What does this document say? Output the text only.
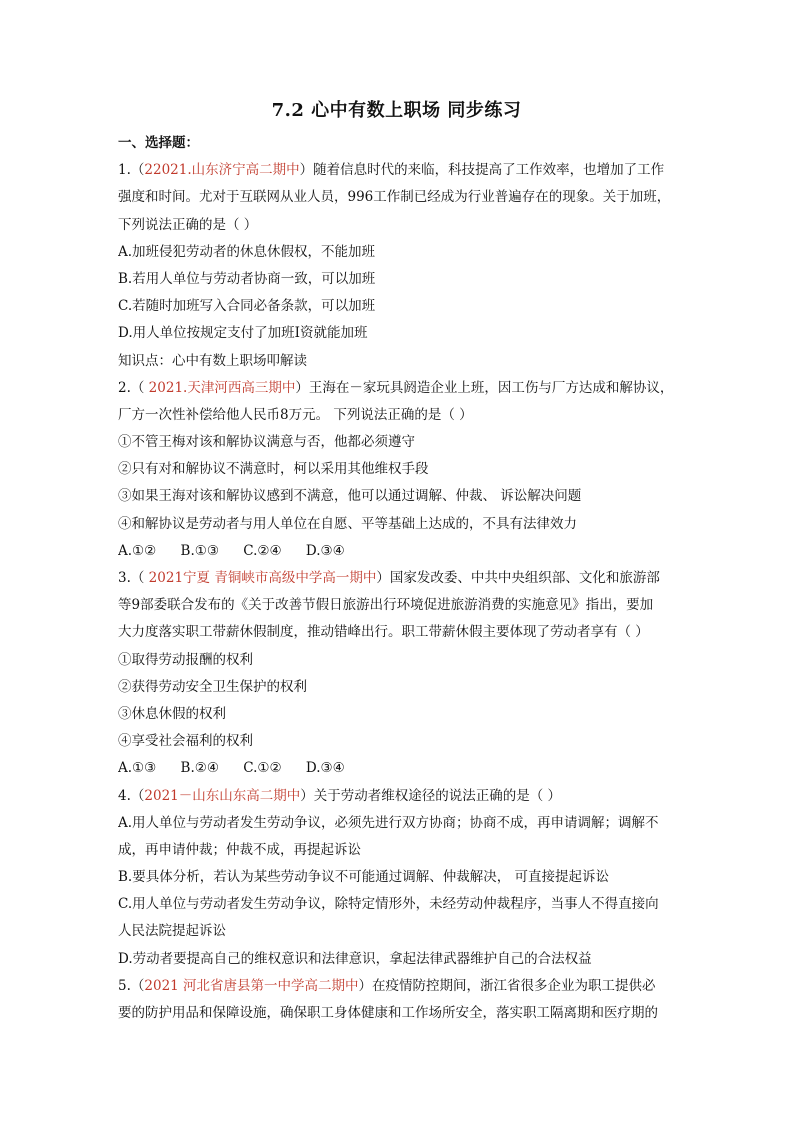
7.2 心中有数上职场 同步练习
一、选择题：
1.（22021.山东济宁高二期中）随着信息时代的来临，科技提高了工作效率，也增加了工作
强度和时间。尤对于互联网从业人员，996工作制已经成为行业普遍存在的现象。关于加班，
下列说法正确的是（ ）
A.加班侵犯劳动者的休息休假权，不能加班
B.若用人单位与劳动者协商一致，可以加班
C.若随时加班写入合同必备条款，可以加班
D.用人单位按规定支付了加班I资就能加班
知识点：心中有数上职场叩解读
2.（ 2021.天津河西高三期中）王海在－家玩具阏造企业上班，因工伤与厂方达成和解协议，
厂方一次性补偿给他人民币8万元。 下列说法正确的是（ ）
①不管王梅对该和解协议满意与否，他都必须遵守
②只有对和解协议不满意时，柯以采用其他维权手段
③如果王海对该和解协议感到不满意，他可以通过调解、仲裁、 诉讼解决问题
④和解协议是劳动者与用人单位在自愿、平等基础上达成的，不具有法律效力
A.①② B.①③ C.②④ D.③④
3.（ 2021宁夏 青铜峡市高级中学高一期中）国家发改委、中共中央组织部、文化和旅游部
等9部委联合发布的《关于改善节假日旅游出行环境促进旅游消费的实施意见》指出，要加
大力度落实职工带薪休假制度，推动错峰出行。职工带薪休假主要体现了劳动者享有（ ）
①取得劳动报酬的权利
②获得劳动安全卫生保护的权利
③休息休假的权利
④享受社会福利的权利
A.①③ B.②④ C.①② D.③④
4.（2021－山东山东高二期中）关于劳动者维权途径的说法正确的是（ ）
A.用人单位与劳动者发生劳动争议，必须先进行双方协商；协商不成，再申请调解；调解不
成，再申请仲裁；仲裁不成，再提起诉讼
B.要具体分析，若认为某些劳动争议不可能通过调解、仲裁解决， 可直接提起诉讼
C.用人单位与劳动者发生劳动争议，除特定情形外，未经劳动仲裁程序，当事人不得直接向
人民法院提起诉讼
D.劳动者要提高自己的维权意识和法律意识，拿起法律武器维护自己的合法权益
5.（2021 河北省唐县第一中学高二期中）在疫情防控期间，浙江省很多企业为职工提供必
要的防护用品和保障设施，确保职工身体健康和工作场所安全，落实职工隔离期和医疗期的
